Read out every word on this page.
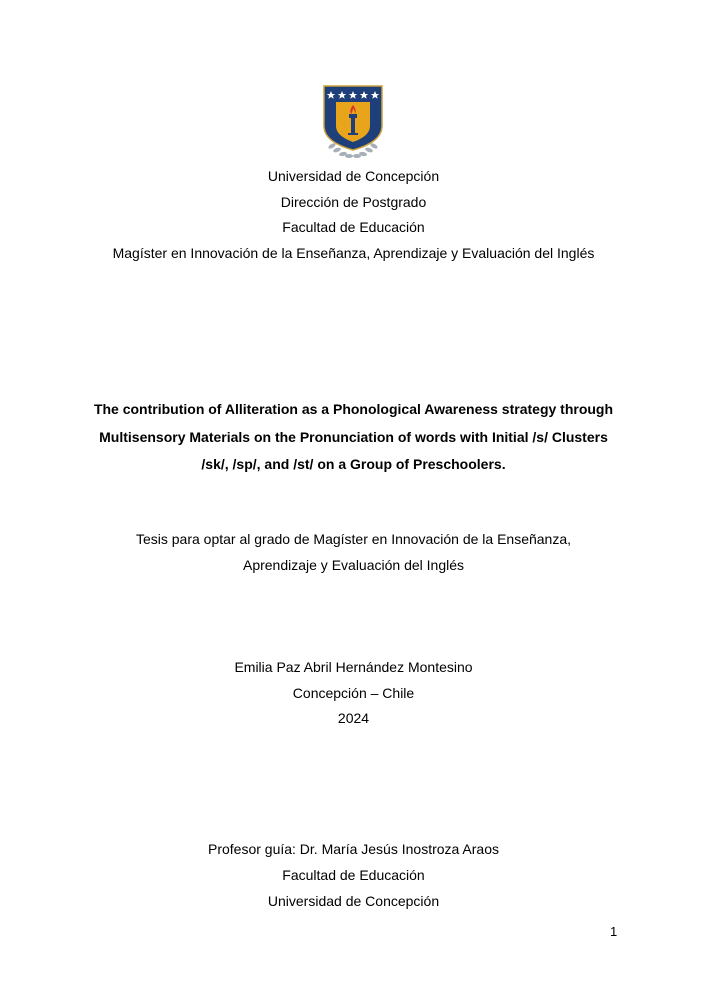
Universidad de Concepción
Dirección de Postgrado
Facultad de Educación
Magíster en Innovación de la Enseñanza, Aprendizaje y Evaluación del Inglés
The contribution of Alliteration as a Phonological Awareness strategy through
Multisensory Materials on the Pronunciation of words with Initial /s/ Clusters
/sk/, /sp/, and /st/ on a Group of Preschoolers.
Tesis para optar al grado de Magíster en Innovación de la Enseñanza,
Aprendizaje y Evaluación del Inglés
Emilia Paz Abril Hernández Montesino
Concepción – Chile
2024
Profesor guía: Dr. María Jesús Inostroza Araos
Facultad de Educación
Universidad de Concepción
1
